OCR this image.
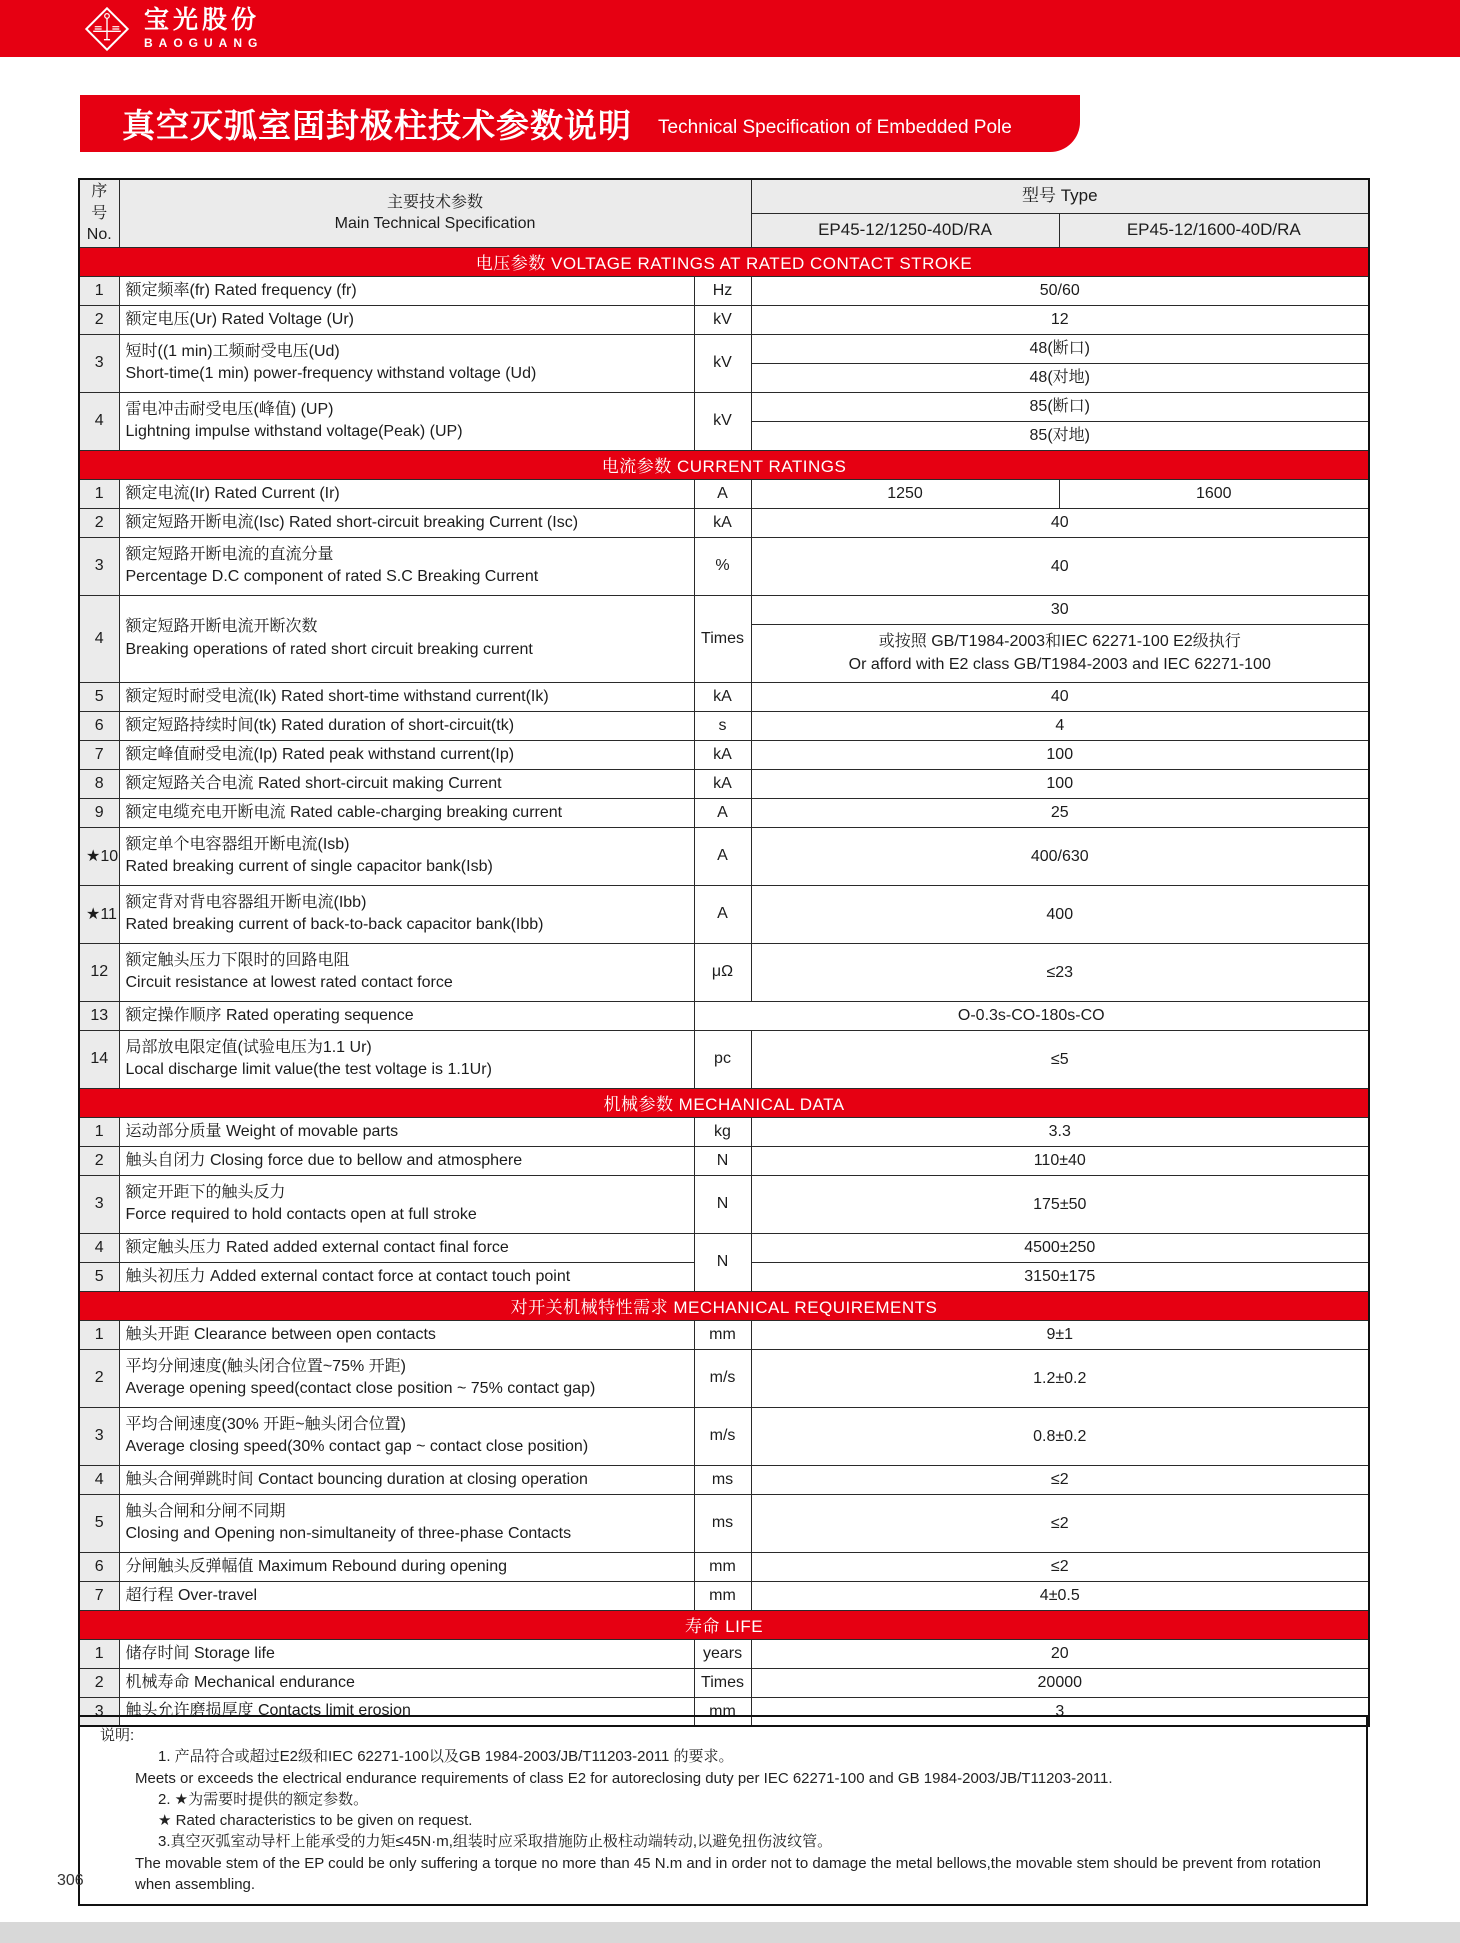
宝光股份
BAOGUANG
真空灭弧室固封极柱技术参数说明 Technical Specification of Embedded Pole
序号
No.

主要技术参数
Main Technical Specification
	型号 Type
			EP45-12/1250-40D/RA	EP45-12/1600-40D/RA
电压参数 VOLTAGE RATINGS AT RATED CONTACT STROKE				

1	额定频率(fr) Rated frequency (fr)	Hz	50/60	

2	额定电压(Ur) Rated Voltage (Ur)	kV	12	

3	短时((1 min)工频耐受电压(Ud)
Short-time(1 min) power-frequency withstand voltage (Ud)	kV	48(断口)	

			48(对地)	

4	雷电冲击耐受电压(峰值) (UP)
Lightning impulse withstand voltage(Peak) (UP)	kV	85(断口)	

			85(对地)	

电流参数 CURRENT RATINGS				

1	额定电流(Ir) Rated Current (Ir)	A	1250	1600

2	额定短路开断电流(Isc) Rated short-circuit breaking Current (Isc)	kA	40	

3	额定短路开断电流的直流分量
Percentage D.C component of rated S.C Breaking Current	%	40	

4	额定短路开断电流开断次数
Breaking operations of rated short circuit breaking current	Times	30	

			或按照 GB/T1984-2003和IEC 62271-100 E2级执行
Or afford with E2 class GB/T1984-2003 and IEC 62271-100	

5	额定短时耐受电流(Ik) Rated short-time withstand current(Ik)	kA	40	

6	额定短路持续时间(tk) Rated duration of short-circuit(tk)	s	4	

7	额定峰值耐受电流(Ip) Rated peak withstand current(Ip)	kA	100	

8	额定短路关合电流 Rated short-circuit making Current	kA	100	

9	额定电缆充电开断电流 Rated cable-charging breaking current	A	25	

★10	额定单个电容器组开断电流(Isb)
Rated breaking current of single capacitor bank(Isb)	A	400/630	

★11	额定背对背电容器组开断电流(Ibb)
Rated breaking current of back-to-back capacitor bank(Ibb)	A	400	

12	额定触头压力下限时的回路电阻
Circuit resistance at lowest rated contact force	μΩ	≤23	

13	额定操作顺序 Rated operating sequence	O-0.3s-CO-180s-CO		

14	局部放电限定值(试验电压为1.1 Ur)
Local discharge limit value(the test voltage is 1.1Ur)	pc	≤5	

机械参数 MECHANICAL DATA				

1	运动部分质量 Weight of movable parts	kg	3.3	

2	触头自闭力 Closing force due to bellow and atmosphere	N	110±40	

3	额定开距下的触头反力
Force required to hold contacts open at full stroke	N	175±50	

4	额定触头压力 Rated added external contact final force	N	4500±250	

5	触头初压力 Added external contact force at contact touch point		3150±175	

对开关机械特性需求 MECHANICAL REQUIREMENTS				

1	触头开距 Clearance between open contacts	mm	9±1	

2	平均分闸速度(触头闭合位置~75% 开距)
Average opening speed(contact close position ~ 75% contact gap)	m/s	1.2±0.2	

3	平均合闸速度(30% 开距~触头闭合位置)
Average closing speed(30% contact gap ~ contact close position)	m/s	0.8±0.2	

4	触头合闸弹跳时间 Contact bouncing duration at closing operation	ms	≤2	

5	触头合闸和分闸不同期
Closing and Opening non-simultaneity of three-phase Contacts	ms	≤2	

6	分闸触头反弹幅值 Maximum Rebound during opening	mm	≤2	

7	超行程 Over-travel	mm	4±0.5	

寿命 LIFE				

1	储存时间 Storage life	years	20	

2	机械寿命 Mechanical endurance	Times	20000	

3	触头允许磨损厚度 Contacts limit erosion	mm	3	
说明:
1. 产品符合或超过E2级和IEC 62271-100以及GB 1984-2003/JB/T11203-2011 的要求。
Meets or exceeds the electrical endurance requirements of class E2 for autoreclosing duty per IEC 62271-100 and GB 1984-2003/JB/T11203-2011.
2. ★为需要时提供的额定参数。
★ Rated characteristics to be given on request.
3.真空灭弧室动导杆上能承受的力矩≤45N·m,组装时应采取措施防止极柱动端转动,以避免扭伤波纹管。
The movable stem of the EP could be only suffering a torque no more than 45 N.m and in order not to damage the metal bellows,the movable stem should be prevent from rotation when assembling.
306
